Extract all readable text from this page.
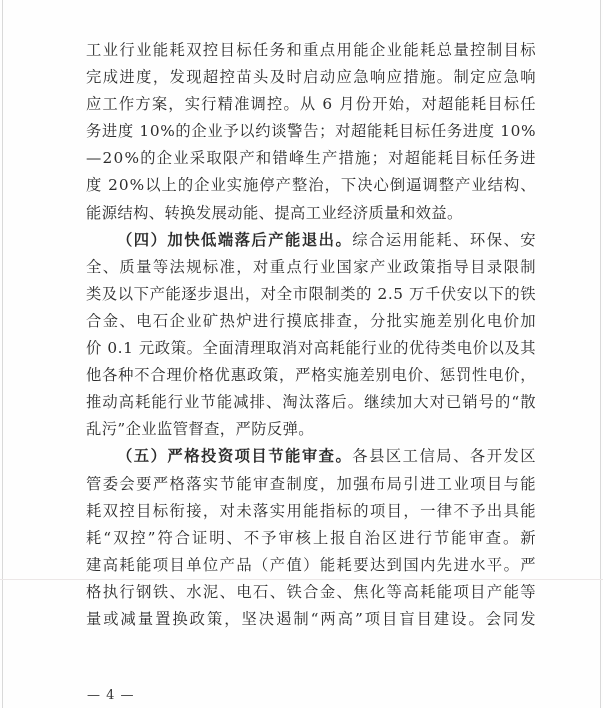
工业行业能耗双控目标任务和重点用能企业能耗总量控制目标
完成进度，发现超控苗头及时启动应急响应措施。制定应急响
应工作方案，实行精准调控。从 6 月份开始，对超能耗目标任
务进度 10%的企业予以约谈警告；对超能耗目标任务进度 10%
—20%的企业采取限产和错峰生产措施；对超能耗目标任务进
度 20%以上的企业实施停产整治，下决心倒逼调整产业结构、
能源结构、转换发展动能、提高工业经济质量和效益。
（四）加快低端落后产能退出。综合运用能耗、环保、安
全、质量等法规标准，对重点行业国家产业政策指导目录限制
类及以下产能逐步退出，对全市限制类的 2.5 万千伏安以下的铁
合金、电石企业矿热炉进行摸底排查，分批实施差别化电价加
价 0.1 元政策。全面清理取消对高耗能行业的优待类电价以及其
他各种不合理价格优惠政策，严格实施差别电价、惩罚性电价，
推动高耗能行业节能减排、淘汰落后。继续加大对已销号的“散
乱污”企业监管督查，严防反弹。
（五）严格投资项目节能审查。各县区工信局、各开发区
管委会要严格落实节能审查制度，加强布局引进工业项目与能
耗双控目标衔接，对未落实用能指标的项目，一律不予出具能
耗“双控”符合证明、不予审核上报自治区进行节能审查。新
建高耗能项目单位产品（产值）能耗要达到国内先进水平。严
格执行钢铁、水泥、电石、铁合金、焦化等高耗能项目产能等
量或减量置换政策，坚决遏制“两高”项目盲目建设。会同发
— 4 —
